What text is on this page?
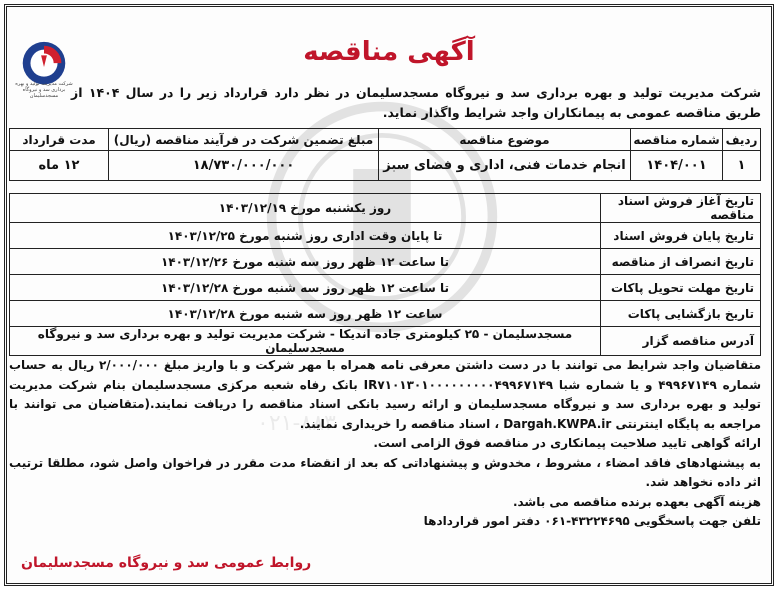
۰۲۱-۸۸۳
شرکت مدیریت تولید و بهره برداری سد و نیروگاه مسجدسلیمان
آگهی مناقصه
شرکت مدیریت تولید و بهره برداری سد و نیروگاه مسجدسلیمان در نظر دارد قرارداد زیر را در سال ۱۴۰۴ از طریق مناقصه عمومی به پیمانکاران واجد شرایط واگذار نماید.
ردیف	شماره مناقصه	موضوع مناقصه	مبلغ تضمین شرکت در فرآیند مناقصه (ریال)	مدت قرارداد
۱	۱۴۰۴/۰۰۱	انجام خدمات فنی، اداری و فضای سبز	۱۸/۷۳۰/۰۰۰/۰۰۰	۱۲ ماه
تاریخ آغاز فروش اسناد مناقصه	روز یکشنبه مورخ ۱۴۰۳/۱۲/۱۹
تاریخ پایان فروش اسناد	تا پایان وقت اداری روز شنبه مورخ ۱۴۰۳/۱۲/۲۵
تاریخ انصراف از مناقصه	تا ساعت ۱۲ ظهر روز سه شنبه مورخ ۱۴۰۳/۱۲/۲۶
تاریخ مهلت تحویل پاکات	تا ساعت ۱۲ ظهر روز سه شنبه مورخ ۱۴۰۳/۱۲/۲۸
تاریخ بازگشایی پاکات	ساعت ۱۲ ظهر روز سه شنبه مورخ ۱۴۰۳/۱۲/۲۸
آدرس مناقصه گزار	مسجدسلیمان - ۲۵ کیلومتری جاده اندیکا - شرکت مدیریت تولید و بهره برداری سد و نیروگاه مسجدسلیمان

متقاضیان واجد شرایط می توانند با در دست داشتن معرفی نامه همراه با مهر شرکت و با واریز مبلغ ۲/۰۰۰/۰۰۰ ریال به حساب شماره ۴۹۹۶۷۱۴۹ و یا شماره شبا IR۷۱۰۱۳۰۱۰۰۰۰۰۰۰۰۰۴۹۹۶۷۱۴۹ بانک رفاه شعبه مرکزی مسجدسلیمان بنام شرکت مدیریت تولید و بهره برداری سد و نیروگاه مسجدسلیمان و ارائه رسید بانکی اسناد مناقصه را دریافت نمایند.(متقاضیان می توانند با مراجعه به پایگاه اینترنتی Dargah.KWPA.ir ، اسناد مناقصه را خریداری نمایند.

ارائه گواهی تایید صلاحیت پیمانکاری در مناقصه فوق الزامی است.

به پیشنهادهای فاقد امضاء ، مشروط ، مخدوش و پیشنهاداتی که بعد از انقضاء مدت مقرر در فراخوان واصل شود، مطلقا ترتیب اثر داده نخواهد شد.

هزینه آگهی بعهده برنده مناقصه می باشد.

تلفن جهت پاسخگویی ۴۳۲۲۴۶۹۵-۰۶۱ دفتر امور قراردادها

روابط عمومی سد و نیروگاه مسجدسلیمان
